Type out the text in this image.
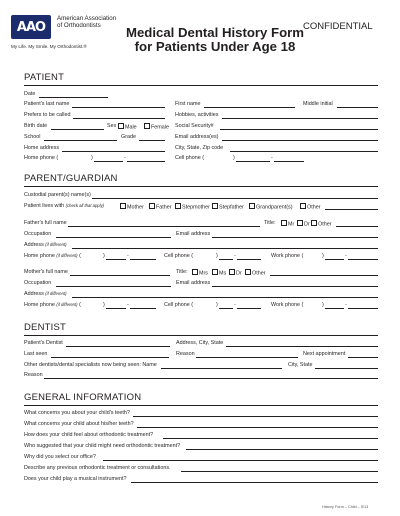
AAO
American Association of Orthodontists
My Life. My Smile. My Orthodontist.®
Medical Dental History Form
for Patients Under Age 18
CONFIDENTIAL
PATIENT
Date
Patient's last name	First name	Middle initial
Prefers to be called	Hobbies, activities
Birth date	Sex	Male	Female Social Security#
School	Grade	Email address(es)
Home address	City, State, Zip code
Home phone (	)	-	Cell phone (	)	-
PARENT/GUARDIAN
Custodial parent(s) name(s)
Patient lives with (check all that apply)	Mother	Father	Stepmother	Stepfather	Grandparent(s)	Other
Father's full name	Title:	Mr	Dr	Other
Occupation	Email address
Address (if different)
Home phone (if different) (	)	-	Cell phone (	)	-	Work phone (	)	-
Mother's full name	Title:	Mrs	Ms	Dr	Other
Occupation	Email address
Address (if different)
Home phone (if different) (	)	-	Cell phone (	)	-	Work phone (	)	-
DENTIST
Patient's Dentist	Address, City, State
Last seen	Reason	Next appointment
Other dentists/dental specialists now being seen: Name	City, State
Reason
GENERAL INFORMATION
What concerns you about your child's teeth?
What concerns your child about his/her teeth?
How does your child feel about orthodontic treatment?
Who suggested that your child might need orthodontic treatment?
Why did you select our office?
Describe any previous orthodontic treatment or consultations.
Does your child play a musical instrument?
History Form – Child – 5/13
